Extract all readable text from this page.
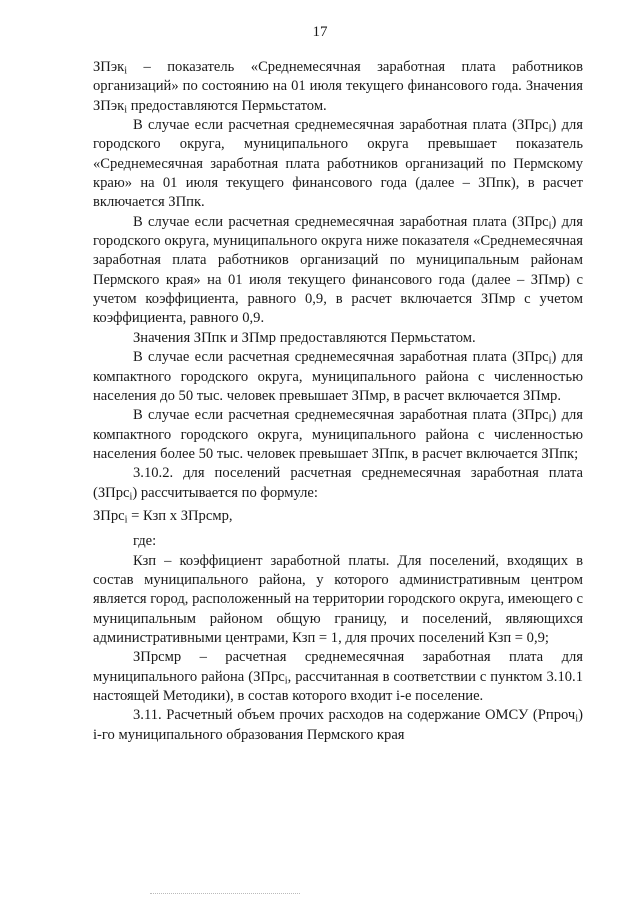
17

ЗПэк$_i$ – показатель «Среднемесячная заработная плата работников организаций» по состоянию на 01 июля текущего финансового года. Значения ЗПэк$_i$ предоставляются Пермьстатом.

В случае если расчетная среднемесячная заработная плата (ЗПрс$_i$) для городского округа, муниципального округа превышает показатель «Среднемесячная заработная плата работников организаций по Пермскому краю» на 01 июля текущего финансового года (далее – ЗПпк), в расчет включается ЗПпк.

В случае если расчетная среднемесячная заработная плата (ЗПрс$_i$) для городского округа, муниципального округа ниже показателя «Среднемесячная заработная плата работников организаций по муниципальным районам Пермского края» на 01 июля текущего финансового года (далее – ЗПмр) с учетом коэффициента, равного 0,9, в расчет включается ЗПмр с учетом коэффициента, равного 0,9.

Значения ЗПпк и ЗПмр предоставляются Пермьстатом.

В случае если расчетная среднемесячная заработная плата (ЗПрс$_i$) для компактного городского округа, муниципального района с численностью населения до 50 тыс. человек превышает ЗПмр, в расчет включается ЗПмр.

В случае если расчетная среднемесячная заработная плата (ЗПрс$_i$) для компактного городского округа, муниципального района с численностью населения более 50 тыс. человек превышает ЗПпк, в расчет включается ЗПпк;

3.10.2. для поселений расчетная среднемесячная заработная плата (ЗПрс$_i$) рассчитывается по формуле:

ЗПрс$_i$ = Кзп х ЗПрсмр,

где:

Кзп – коэффициент заработной платы. Для поселений, входящих в состав муниципального района, у которого административным центром является город, расположенный на территории городского округа, имеющего с муниципальным районом общую границу, и поселений, являющихся административными центрами, Кзп = 1, для прочих поселений Кзп = 0,9;

ЗПрсмр – расчетная среднемесячная заработная плата для муниципального района (ЗПрс$_i$, рассчитанная в соответствии с пунктом 3.10.1 настоящей Методики), в состав которого входит i-е поселение.

3.11. Расчетный объем прочих расходов на содержание ОМСУ (Рпроч$_i$) i-го муниципального образования Пермского края
